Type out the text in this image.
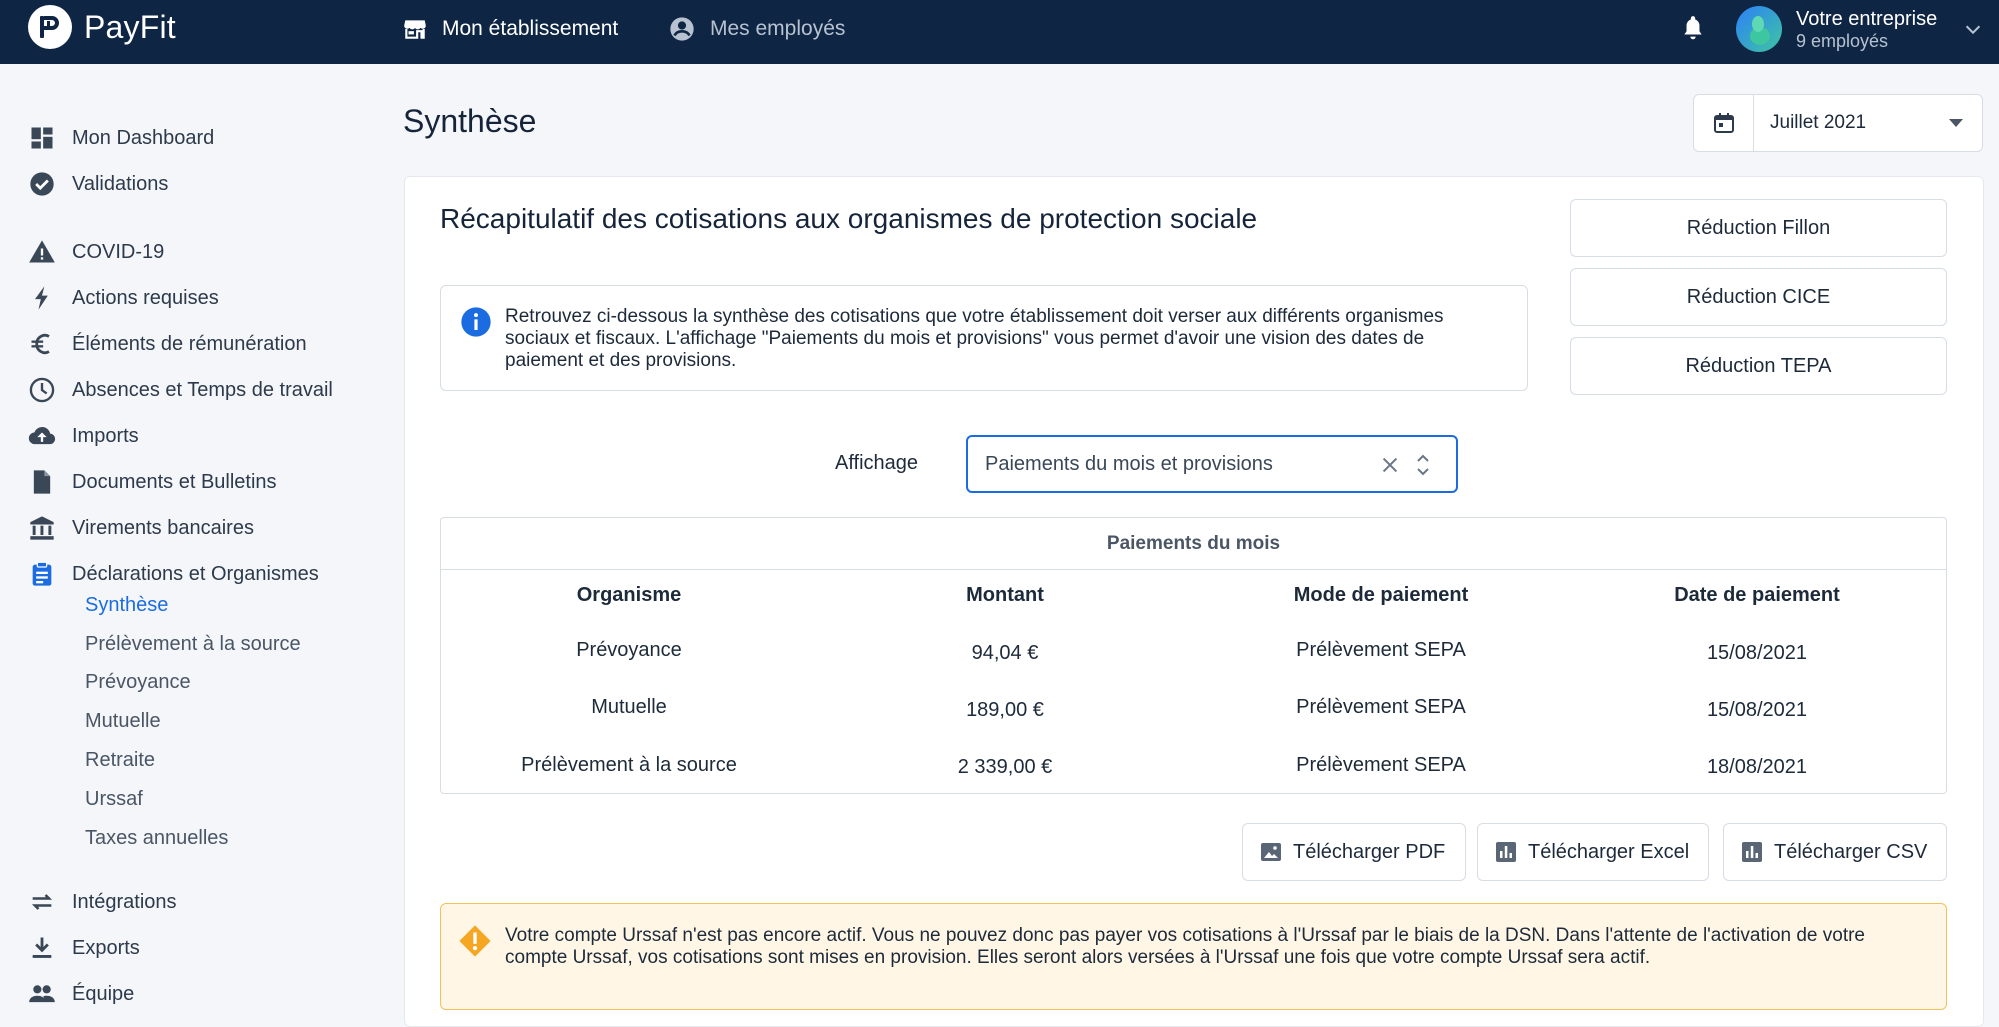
PayFit	Mon établissement	Mes employés	Votre entreprise
9 employés
Mon Dashboard
Validations
COVID-19
Actions requises
Éléments de rémunération
Absences et Temps de travail
Imports
Documents et Bulletins
Virements bancaires
Déclarations et Organismes
Synthèse
Prélèvement à la source
Prévoyance
Mutuelle
Retraite
Urssaf
Taxes annuelles
Intégrations
Exports
Équipe
Synthèse	Juillet 2021
Récapitulatif des cotisations aux organismes de protection sociale
Retrouvez ci-dessous la synthèse des cotisations que votre établissement doit verser aux différents organismes sociaux et fiscaux. L'affichage "Paiements du mois et provisions" vous permet d'avoir une vision des dates de paiement et des provisions.
Réduction Fillon
Réduction CICE
Réduction TEPA
Affichage	Paiements du mois et provisions
Paiements du mois
Organisme	Montant	Mode de paiement	Date de paiement
Prévoyance	94,04 €	Prélèvement SEPA	15/08/2021
Mutuelle	189,00 €	Prélèvement SEPA	15/08/2021
Prélèvement à la source	2 339,00 €	Prélèvement SEPA	18/08/2021
Télécharger PDF	Télécharger Excel	Télécharger CSV
Votre compte Urssaf n'est pas encore actif. Vous ne pouvez donc pas payer vos cotisations à l'Urssaf par le biais de la DSN. Dans l'attente de l'activation de votre compte Urssaf, vos cotisations sont mises en provision. Elles seront alors versées à l'Urssaf une fois que votre compte Urssaf sera actif.
